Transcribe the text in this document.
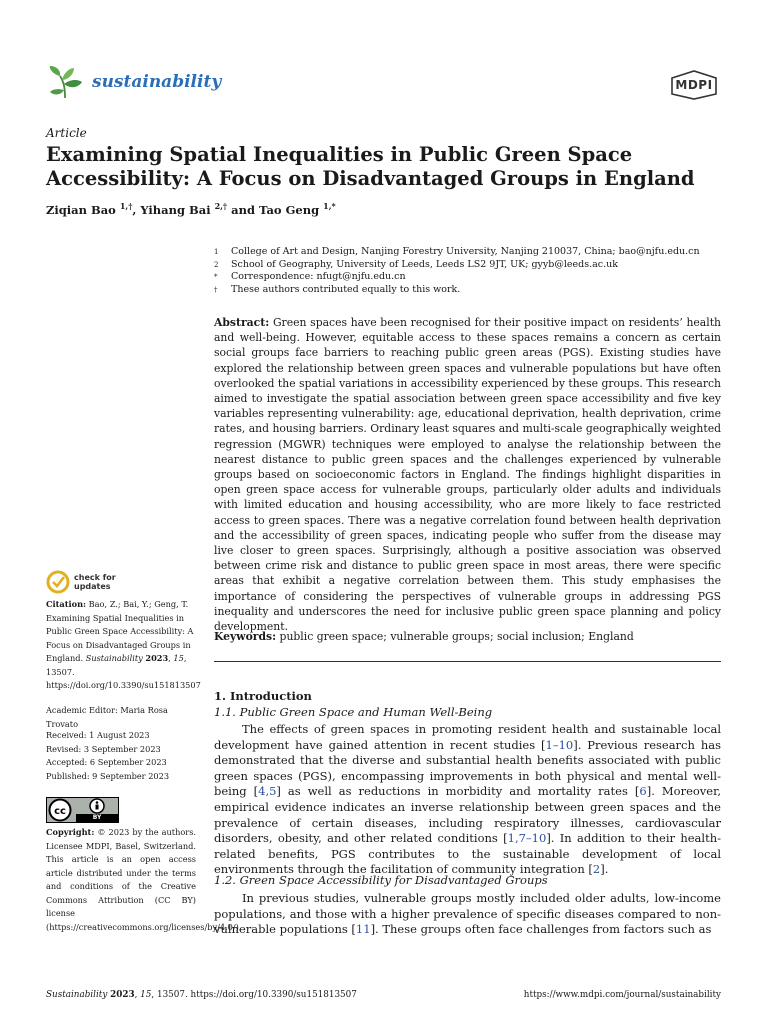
sustainability	MDPI
Article
Examining Spatial Inequalities in Public Green Space Accessibility: A Focus on Disadvantaged Groups in England
Ziqian Bao $^{1,\dagger}$, Yihang Bai $^{2,\dagger}$ and Tao Geng $^{1,*}$
1	College of Art and Design, Nanjing Forestry University, Nanjing 210037, China; bao@njfu.edu.cn
2	School of Geography, University of Leeds, Leeds LS2 9JT, UK; gyyb@leeds.ac.uk
*	Correspondence: nfugt@njfu.edu.cn
†	These authors contributed equally to this work.
Abstract: Green spaces have been recognised for their positive impact on residents’ health and well-being. However, equitable access to these spaces remains a concern as certain social groups face barriers to reaching public green areas (PGS). Existing studies have explored the relationship between green spaces and vulnerable populations but have often overlooked the spatial variations in accessibility experienced by these groups. This research aimed to investigate the spatial association between green space accessibility and five key variables representing vulnerability: age, educational deprivation, health deprivation, crime rates, and housing barriers. Ordinary least squares and multi-scale geographically weighted regression (MGWR) techniques were employed to analyse the relationship between the nearest distance to public green spaces and the challenges experienced by vulnerable groups based on socioeconomic factors in England. The findings highlight disparities in open green space access for vulnerable groups, particularly older adults and individuals with limited education and housing accessibility, who are more likely to face restricted access to green spaces. There was a negative correlation found between health deprivation and the accessibility of green spaces, indicating people who suffer from the disease may live closer to green spaces. Surprisingly, although a positive association was observed between crime risk and distance to public green space in most areas, there were specific areas that exhibit a negative correlation between them. This study emphasises the importance of considering the perspectives of vulnerable groups in addressing PGS inequality and underscores the need for inclusive public green space planning and policy development.
Keywords: public green space; vulnerable groups; social inclusion; England
1. Introduction
1.1. Public Green Space and Human Well-Being
The effects of green spaces in promoting resident health and sustainable local development have gained attention in recent studies [1–10]. Previous research has demonstrated that the diverse and substantial health benefits associated with public green spaces (PGS), encompassing improvements in both physical and mental well-being [4,5] as well as reductions in morbidity and mortality rates [6]. Moreover, empirical evidence indicates an inverse relationship between green spaces and the prevalence of certain diseases, including respiratory illnesses, cardiovascular disorders, obesity, and other related conditions [1,7–10]. In addition to their health-related benefits, PGS contributes to the sustainable development of local environments through the facilitation of community integration [2].
1.2. Green Space Accessibility for Disadvantaged Groups
In previous studies, vulnerable groups mostly included older adults, low-income populations, and those with a higher prevalence of specific diseases compared to non-vulnerable populations [11]. These groups often face challenges from factors such as
check for
updates
Citation: Bao, Z.; Bai, Y.; Geng, T. Examining Spatial Inequalities in Public Green Space Accessibility: A Focus on Disadvantaged Groups in England. Sustainability 2023, 15, 13507. https://doi.org/10.3390/su151813507
Academic Editor: Maria Rosa Trovato
Received: 1 August 2023
Revised: 3 September 2023
Accepted: 6 September 2023
Published: 9 September 2023
cc
BY
Copyright: © 2023 by the authors. Licensee MDPI, Basel, Switzerland. This article is an open access article distributed under the terms and conditions of the Creative Commons Attribution (CC BY) license (https://creativecommons.org/licenses/by/4.0/).
Sustainability 2023, 15, 13507. https://doi.org/10.3390/su151813507	https://www.mdpi.com/journal/sustainability
